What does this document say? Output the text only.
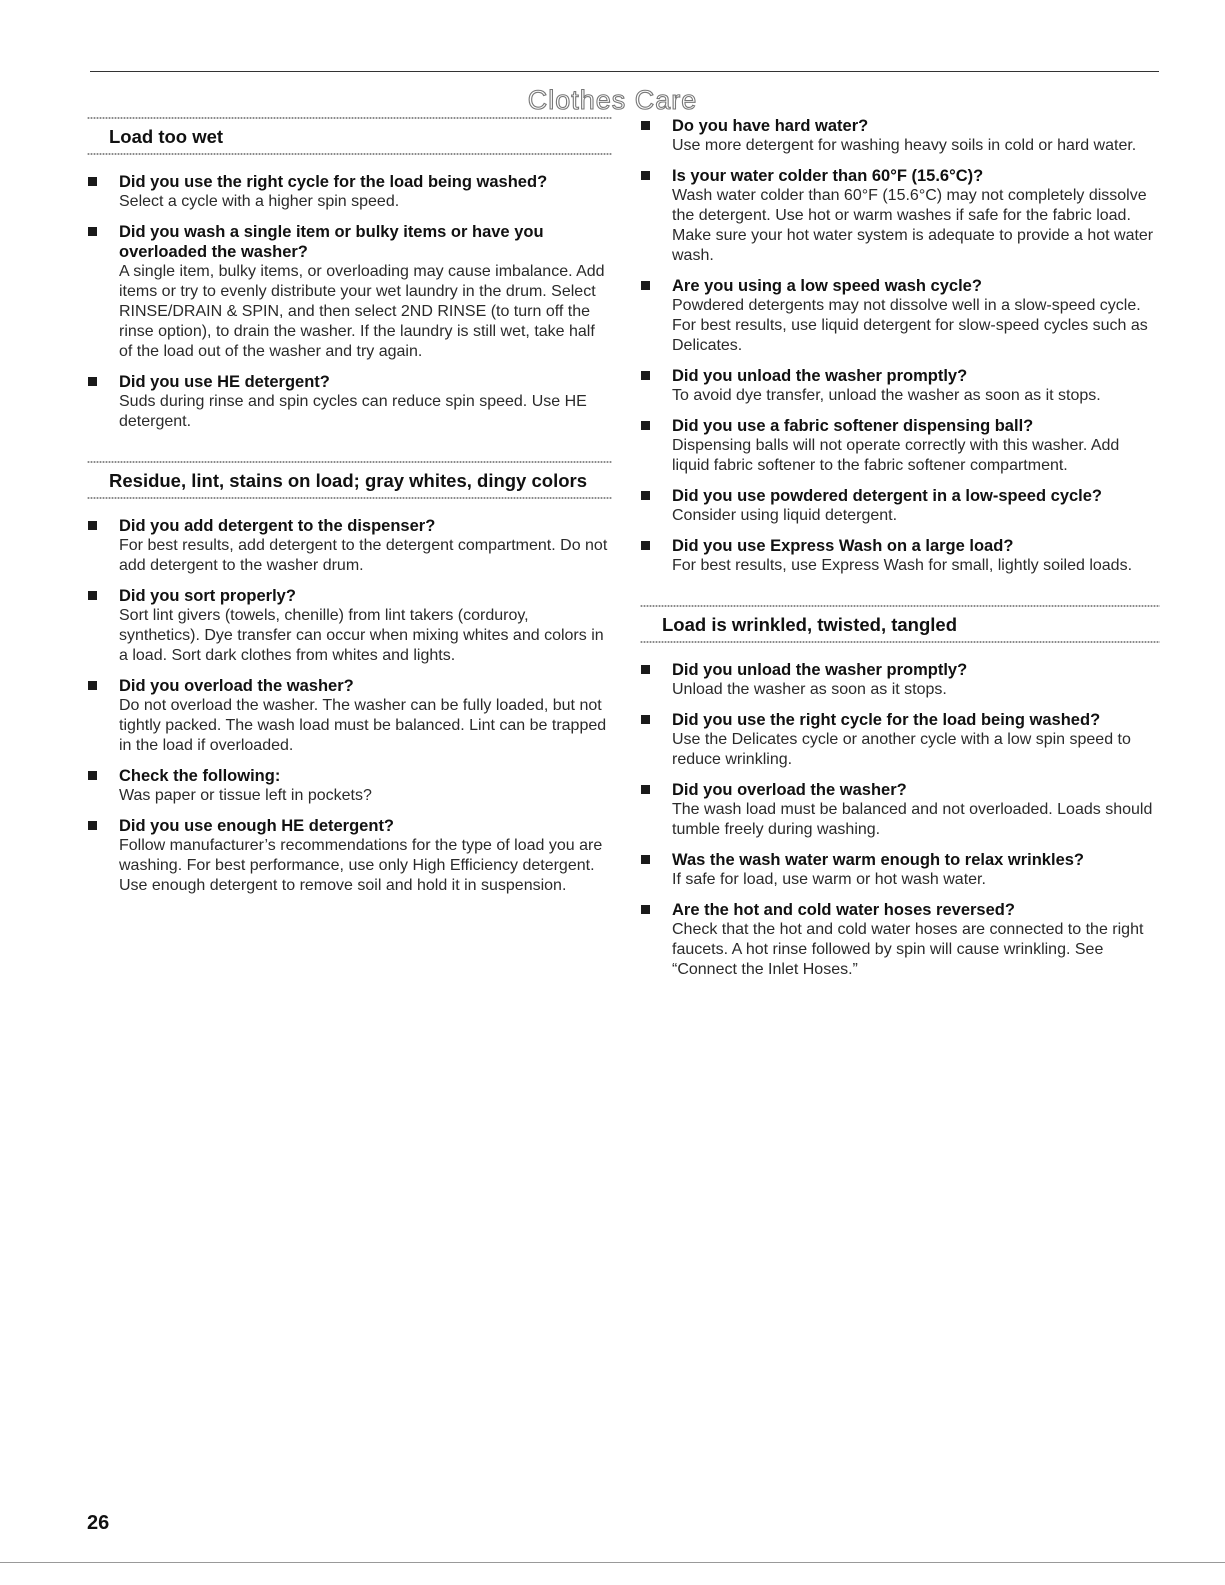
Clothes Care
Load too wet
Did you use the right cycle for the load being washed?
Select a cycle with a higher spin speed.
Did you wash a single item or bulky items or have you overloaded the washer?
A single item, bulky items, or overloading may cause imbalance. Add items or try to evenly distribute your wet laundry in the drum. Select RINSE/DRAIN & SPIN, and then select 2ND RINSE (to turn off the rinse option), to drain the washer. If the laundry is still wet, take half of the load out of the washer and try again.
Did you use HE detergent?
Suds during rinse and spin cycles can reduce spin speed. Use HE detergent.
Residue, lint, stains on load; gray whites, dingy colors
Did you add detergent to the dispenser?
For best results, add detergent to the detergent compartment. Do not add detergent to the washer drum.
Did you sort properly?
Sort lint givers (towels, chenille) from lint takers (corduroy, synthetics). Dye transfer can occur when mixing whites and colors in a load. Sort dark clothes from whites and lights.
Did you overload the washer?
Do not overload the washer. The washer can be fully loaded, but not tightly packed. The wash load must be balanced. Lint can be trapped in the load if overloaded.
Check the following:
Was paper or tissue left in pockets?
Did you use enough HE detergent?
Follow manufacturer’s recommendations for the type of load you are washing. For best performance, use only High Efficiency detergent. Use enough detergent to remove soil and hold it in suspension.
Do you have hard water?
Use more detergent for washing heavy soils in cold or hard water.
Is your water colder than 60°F (15.6°C)?
Wash water colder than 60°F (15.6°C) may not completely dissolve the detergent. Use hot or warm washes if safe for the fabric load. Make sure your hot water system is adequate to provide a hot water wash.
Are you using a low speed wash cycle?
Powdered detergents may not dissolve well in a slow-speed cycle. For best results, use liquid detergent for slow-speed cycles such as Delicates.
Did you unload the washer promptly?
To avoid dye transfer, unload the washer as soon as it stops.
Did you use a fabric softener dispensing ball?
Dispensing balls will not operate correctly with this washer. Add liquid fabric softener to the fabric softener compartment.
Did you use powdered detergent in a low-speed cycle?
Consider using liquid detergent.
Did you use Express Wash on a large load?
For best results, use Express Wash for small, lightly soiled loads.
Load is wrinkled, twisted, tangled
Did you unload the washer promptly?
Unload the washer as soon as it stops.
Did you use the right cycle for the load being washed?
Use the Delicates cycle or another cycle with a low spin speed to reduce wrinkling.
Did you overload the washer?
The wash load must be balanced and not overloaded. Loads should tumble freely during washing.
Was the wash water warm enough to relax wrinkles?
If safe for load, use warm or hot wash water.
Are the hot and cold water hoses reversed?
Check that the hot and cold water hoses are connected to the right faucets. A hot rinse followed by spin will cause wrinkling. See “Connect the Inlet Hoses.”
26
